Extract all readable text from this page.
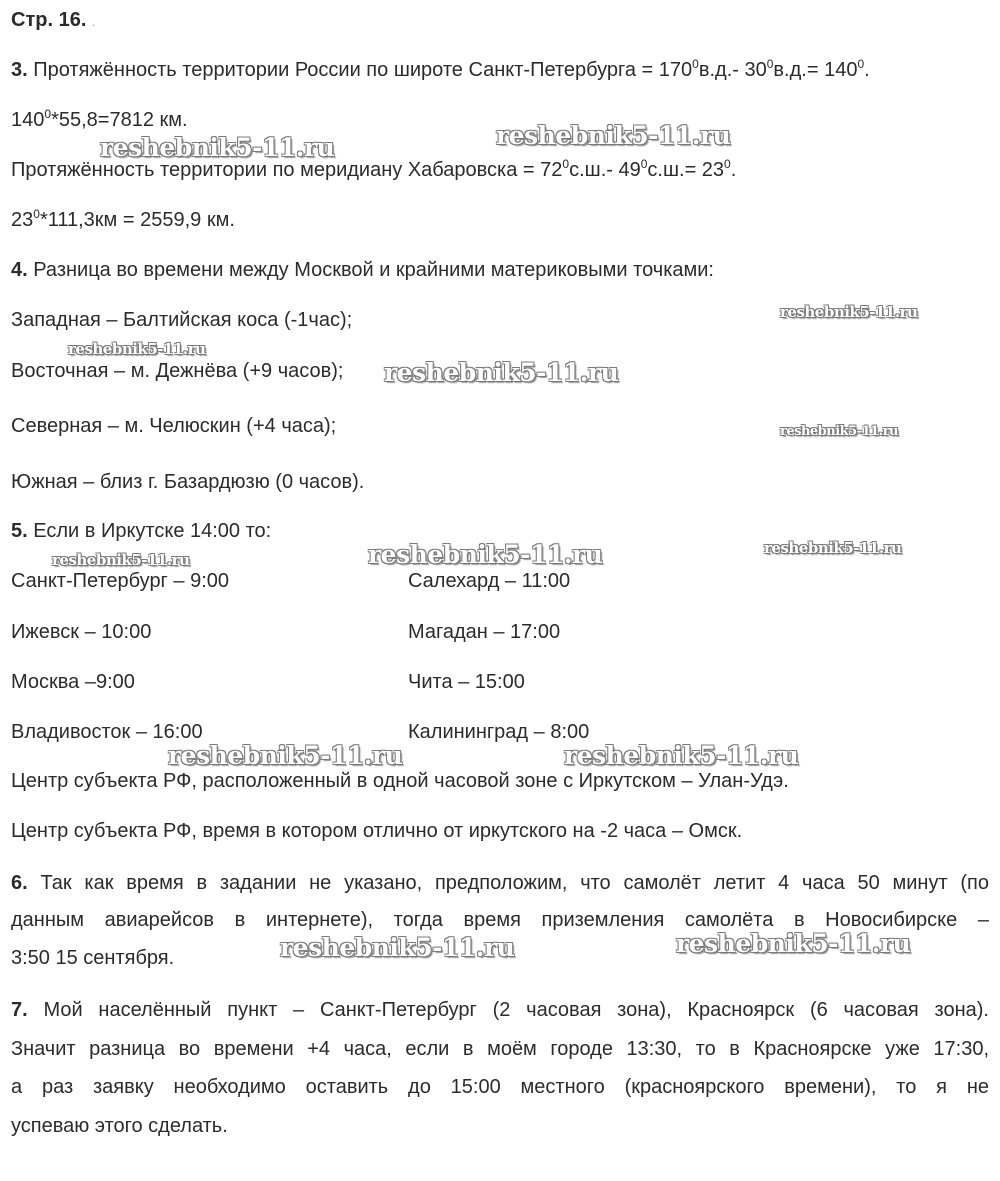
Стр. 16. .
3. Протяжённость территории России по широте Санкт-Петербурга = $170^0в.д.-$ $30^0в.д.= 140^0$.
$140^0*55,8=7812$ км.
Протяжённость территории по меридиану Хабаровска = $72^0с.ш.-$ $49^0с.ш.= 23^0$.
$23^0*111,3км = 2559,9$ км.
4. Разница во времени между Москвой и крайними материковыми точками:
Западная – Балтийская коса (-1час);
Восточная – м. Дежнёва (+9 часов);
Северная – м. Челюскин (+4 часа);
Южная – близ г. Базардюзю (0 часов).
5. Если в Иркутске 14:00 то:
Санкт-Петербург – 9:00	Салехард – 11:00
Ижевск – 10:00	Магадан – 17:00
Москва –9:00	Чита – 15:00
Владивосток – 16:00	Калининград – 8:00
Центр субъекта РФ, расположенный в одной часовой зоне с Иркутском – Улан-Удэ.
Центр субъекта РФ, время в котором отлично от иркутского на -2 часа – Омск.
6. Так как время в задании не указано, предположим, что самолёт летит 4 часа 50 минут (по
данным авиарейсов в интернете), тогда время приземления самолёта в Новосибирске –
3:50 15 сентября.
7. Мой населённый пункт – Санкт-Петербург (2 часовая зона), Красноярск (6 часовая зона).
Значит разница во времени +4 часа, если в моём городе 13:30, то в Красноярске уже 17:30,
а раз заявку необходимо оставить до 15:00 местного (красноярского времени), то я не
успеваю этого сделать.
reshebnik5-11.ru	reshebnik5-11.ru
reshebnik5-11.ru
reshebnik5-11.ru
reshebnik5-11.ru
reshebnik5-11.ru
reshebnik5-11.ru	reshebnik5-11.ru	reshebnik5-11.ru
reshebnik5-11.ru	reshebnik5-11.ru
reshebnik5-11.ru	reshebnik5-11.ru
